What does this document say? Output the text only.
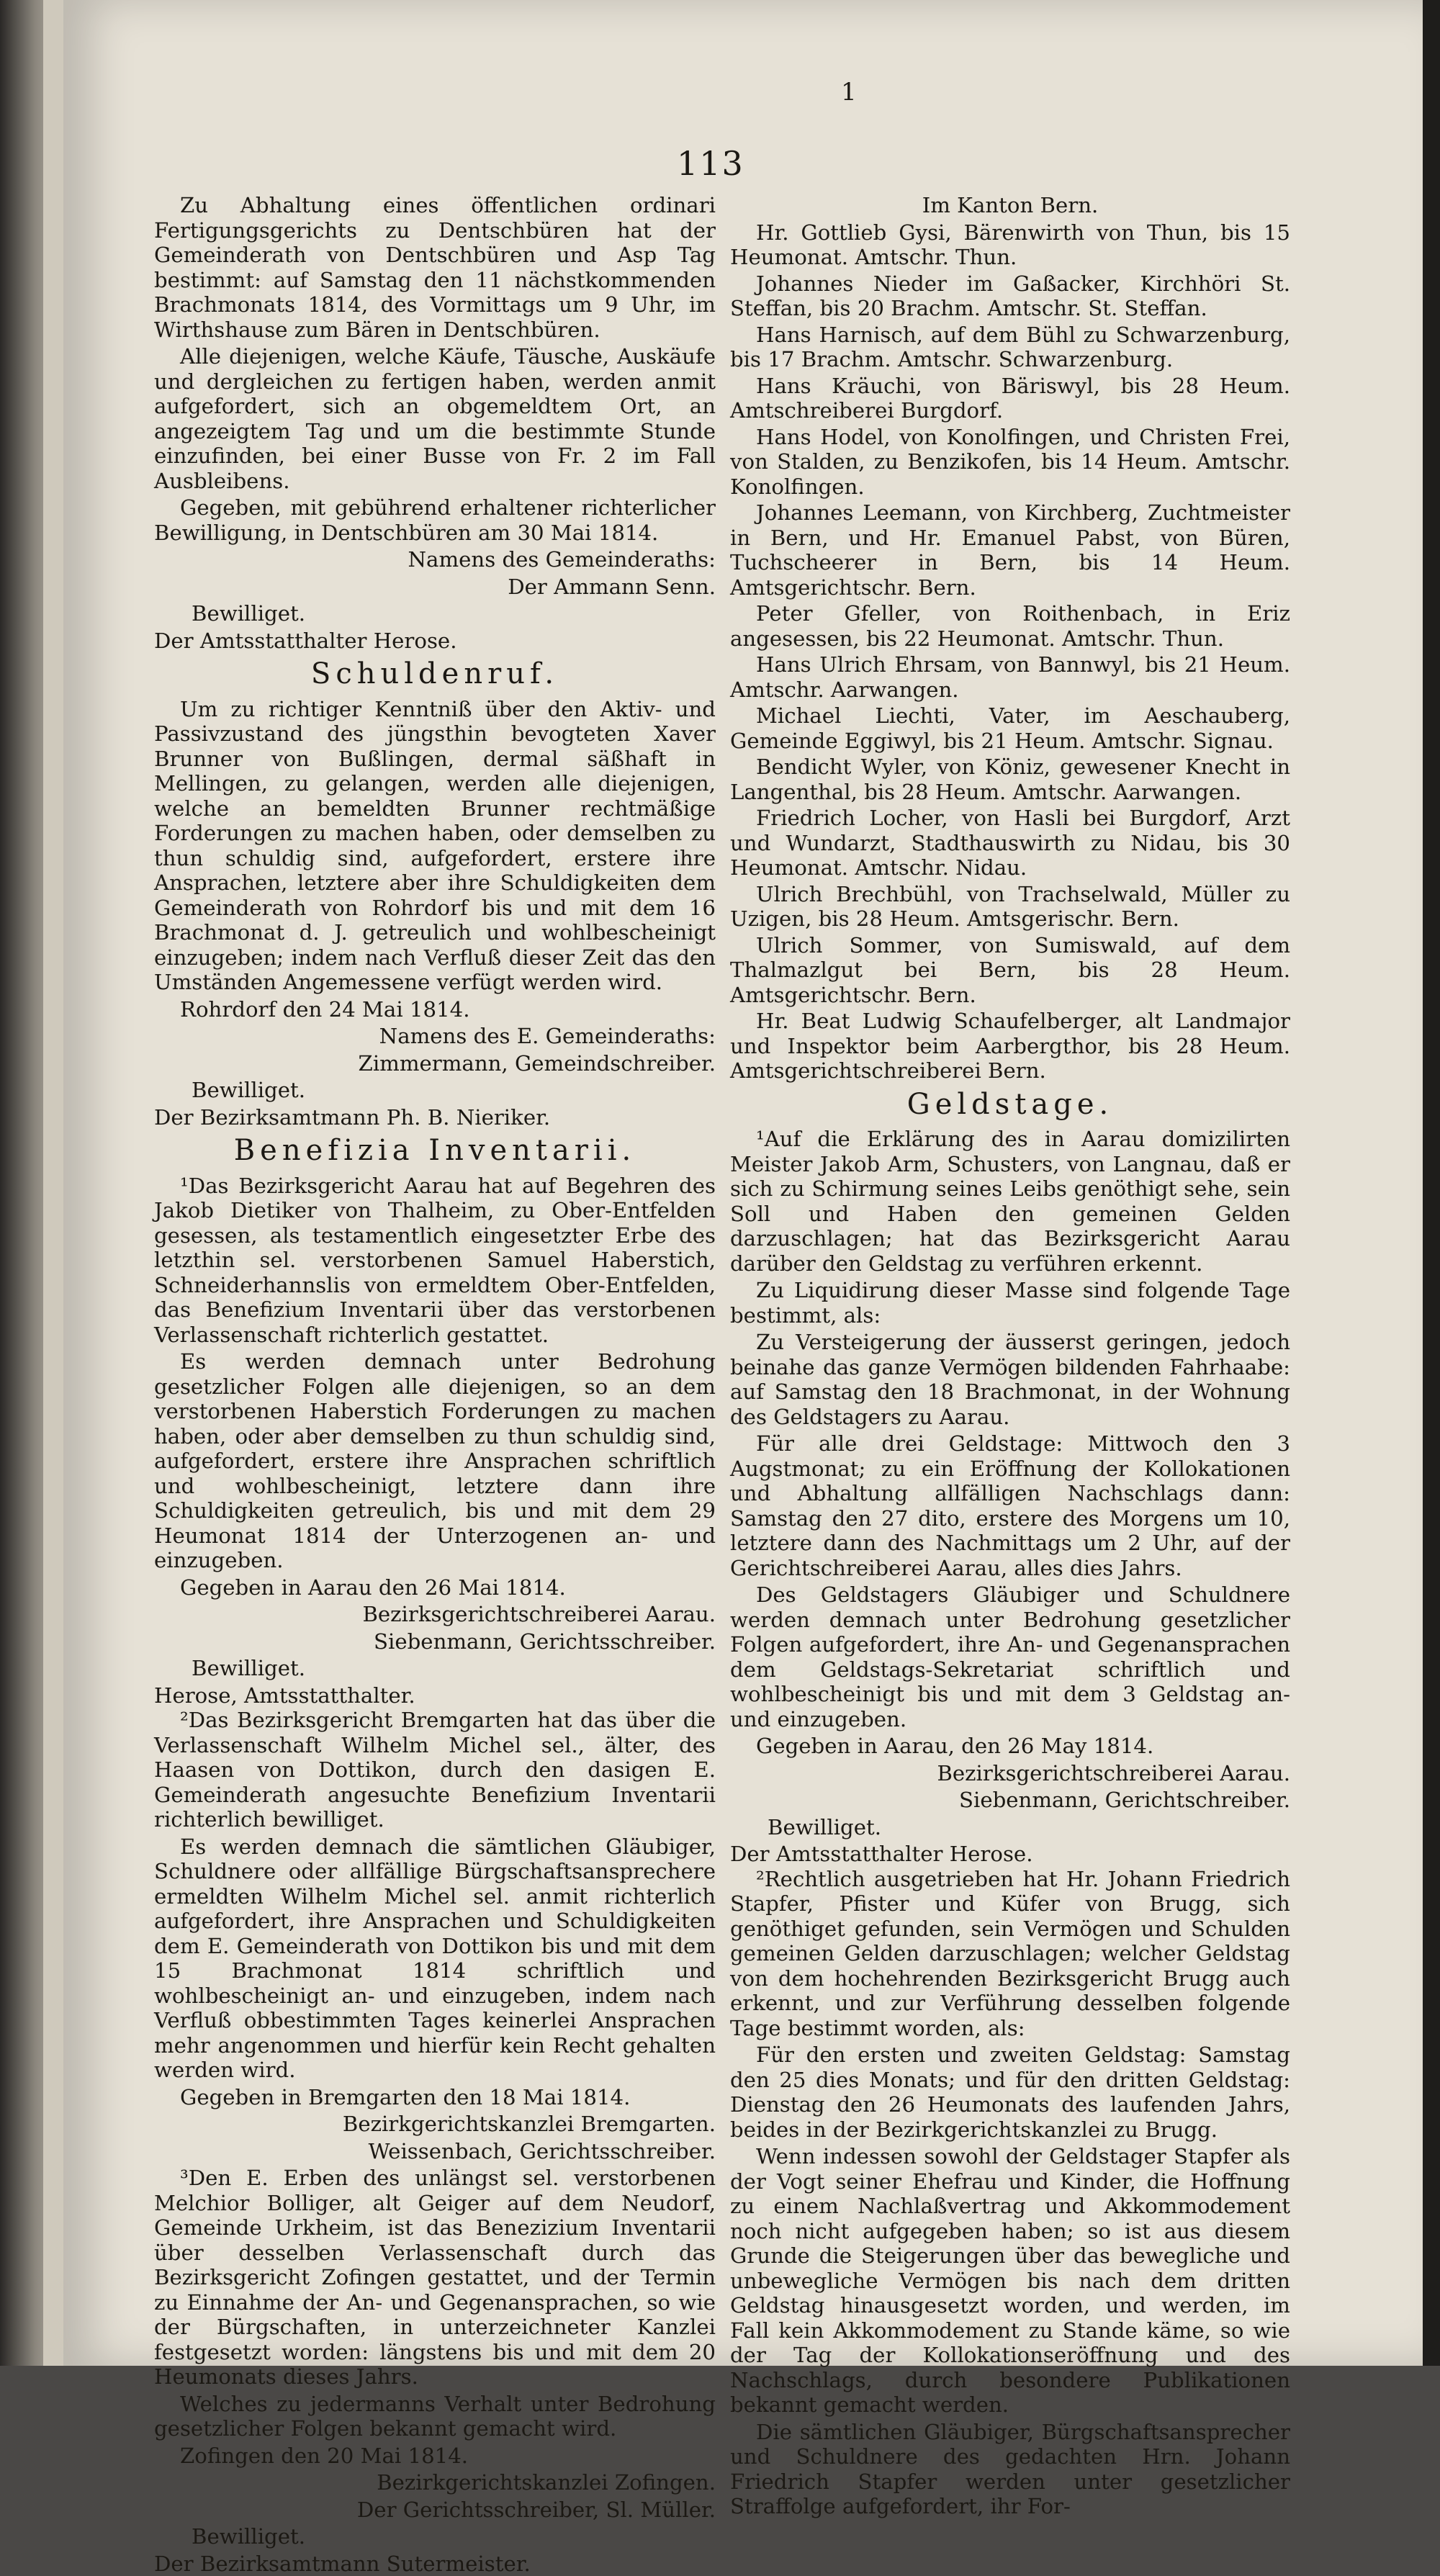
1
113

Zu Abhaltung eines öffentlichen ordinari Fertigungsgerichts zu Dentschbüren hat der Gemeinderath von Dentschbüren und Asp Tag bestimmt: auf Samstag den 11 nächstkommenden Brachmonats 1814, des Vormittags um 9 Uhr, im Wirthshause zum Bären in Dentschbüren.

Alle diejenigen, welche Käufe, Täusche, Auskäufe und dergleichen zu fertigen haben, werden anmit aufgefordert, sich an obgemeldtem Ort, an angezeigtem Tag und um die bestimmte Stunde einzufinden, bei einer Busse von Fr. 2 im Fall Ausbleibens.

Gegeben, mit gebührend erhaltener richterlicher Bewilligung, in Dentschbüren am 30 Mai 1814.

Namens des Gemeinderaths:
Der Ammann Senn.
Bewilliget.
Der Amtsstatthalter Herose.
Schuldenruf.

Um zu richtiger Kenntniß über den Aktiv- und Passivzustand des jüngsthin bevogteten Xaver Brunner von Bußlingen, dermal säßhaft in Mellingen, zu gelangen, werden alle diejenigen, welche an bemeldten Brunner rechtmäßige Forderungen zu machen haben, oder demselben zu thun schuldig sind, aufgefordert, erstere ihre Ansprachen, letztere aber ihre Schuldigkeiten dem Gemeinderath von Rohrdorf bis und mit dem 16 Brachmonat d. J. getreulich und wohlbescheinigt einzugeben; indem nach Verfluß dieser Zeit das den Umständen Angemessene verfügt werden wird.

Rohrdorf den 24 Mai 1814.

Namens des E. Gemeinderaths:
Zimmermann, Gemeindschreiber.
Bewilliget.
Der Bezirksamtmann Ph. B. Nieriker.
Benefizia Inventarii.

¹Das Bezirksgericht Aarau hat auf Begehren des Jakob Dietiker von Thalheim, zu Ober-Entfelden gesessen, als testamentlich eingesetzter Erbe des letzthin sel. verstorbenen Samuel Haberstich, Schneiderhannslis von ermeldtem Ober-Entfelden, das Benefizium Inventarii über das verstorbenen Verlassenschaft richterlich gestattet.

Es werden demnach unter Bedrohung gesetzlicher Folgen alle diejenigen, so an dem verstorbenen Haberstich Forderungen zu machen haben, oder aber demselben zu thun schuldig sind, aufgefordert, erstere ihre Ansprachen schriftlich und wohlbescheinigt, letztere dann ihre Schuldigkeiten getreulich, bis und mit dem 29 Heumonat 1814 der Unterzogenen an- und einzugeben.

Gegeben in Aarau den 26 Mai 1814.

Bezirksgerichtschreiberei Aarau.
Siebenmann, Gerichtsschreiber.
Bewilliget.
Herose, Amtsstatthalter.

²Das Bezirksgericht Bremgarten hat das über die Verlassenschaft Wilhelm Michel sel., älter, des Haasen von Dottikon, durch den dasigen E. Gemeinderath angesuchte Benefizium Inventarii richterlich bewilliget.

Es werden demnach die sämtlichen Gläubiger, Schuldnere oder allfällige Bürgschaftsansprechere ermeldten Wilhelm Michel sel. anmit richterlich aufgefordert, ihre Ansprachen und Schuldigkeiten dem E. Gemeinderath von Dottikon bis und mit dem 15 Brachmonat 1814 schriftlich und wohlbescheinigt an- und einzugeben, indem nach Verfluß obbestimmten Tages keinerlei Ansprachen mehr angenommen und hierfür kein Recht gehalten werden wird.

Gegeben in Bremgarten den 18 Mai 1814.

Bezirkgerichtskanzlei Bremgarten.
Weissenbach, Gerichtsschreiber.

³Den E. Erben des unlängst sel. verstorbenen Melchior Bolliger, alt Geiger auf dem Neudorf, Gemeinde Urkheim, ist das Benezizium Inventarii über desselben Verlassenschaft durch das Bezirksgericht Zofingen gestattet, und der Termin zu Einnahme der An- und Gegenansprachen, so wie der Bürgschaften, in unterzeichneter Kanzlei festgesetzt worden: längstens bis und mit dem 20 Heumonats dieses Jahrs.

Welches zu jedermanns Verhalt unter Bedrohung gesetzlicher Folgen bekannt gemacht wird.

Zofingen den 20 Mai 1814.

Bezirkgerichtskanzlei Zofingen.
Der Gerichtsschreiber, Sl. Müller.
Bewilliget.
Der Bezirksamtmann Sutermeister.
Im Kanton Bern.

Hr. Gottlieb Gysi, Bärenwirth von Thun, bis 15 Heumonat. Amtschr. Thun.

Johannes Nieder im Gaßacker, Kirchhöri St. Steffan, bis 20 Brachm. Amtschr. St. Steffan.

Hans Harnisch, auf dem Bühl zu Schwarzenburg, bis 17 Brachm. Amtschr. Schwarzenburg.

Hans Kräuchi, von Bäriswyl, bis 28 Heum. Amtschreiberei Burgdorf.

Hans Hodel, von Konolfingen, und Christen Frei, von Stalden, zu Benzikofen, bis 14 Heum. Amtschr. Konolfingen.

Johannes Leemann, von Kirchberg, Zuchtmeister in Bern, und Hr. Emanuel Pabst, von Büren, Tuchscheerer in Bern, bis 14 Heum. Amtsgerichtschr. Bern.

Peter Gfeller, von Roithenbach, in Eriz angesessen, bis 22 Heumonat. Amtschr. Thun.

Hans Ulrich Ehrsam, von Bannwyl, bis 21 Heum. Amtschr. Aarwangen.

Michael Liechti, Vater, im Aeschauberg, Gemeinde Eggiwyl, bis 21 Heum. Amtschr. Signau.

Bendicht Wyler, von Köniz, gewesener Knecht in Langenthal, bis 28 Heum. Amtschr. Aarwangen.

Friedrich Locher, von Hasli bei Burgdorf, Arzt und Wundarzt, Stadthauswirth zu Nidau, bis 30 Heumonat. Amtschr. Nidau.

Ulrich Brechbühl, von Trachselwald, Müller zu Uzigen, bis 28 Heum. Amtsgerischr. Bern.

Ulrich Sommer, von Sumiswald, auf dem Thalmazlgut bei Bern, bis 28 Heum. Amtsgerichtschr. Bern.

Hr. Beat Ludwig Schaufelberger, alt Landmajor und Inspektor beim Aarbergthor, bis 28 Heum. Amtsgerichtschreiberei Bern.

Geldstage.

¹Auf die Erklärung des in Aarau domizilirten Meister Jakob Arm, Schusters, von Langnau, daß er sich zu Schirmung seines Leibs genöthigt sehe, sein Soll und Haben den gemeinen Gelden darzuschlagen; hat das Bezirksgericht Aarau darüber den Geldstag zu verführen erkennt.

Zu Liquidirung dieser Masse sind folgende Tage bestimmt, als:

Zu Versteigerung der äusserst geringen, jedoch beinahe das ganze Vermögen bildenden Fahrhaabe: auf Samstag den 18 Brachmonat, in der Wohnung des Geldstagers zu Aarau.

Für alle drei Geldstage: Mittwoch den 3 Augstmonat; zu ein Eröffnung der Kollokationen und Abhaltung allfälligen Nachschlags dann: Samstag den 27 dito, erstere des Morgens um 10, letztere dann des Nachmittags um 2 Uhr, auf der Gerichtschreiberei Aarau, alles dies Jahrs.

Des Geldstagers Gläubiger und Schuldnere werden demnach unter Bedrohung gesetzlicher Folgen aufgefordert, ihre An- und Gegenansprachen dem Geldstags-Sekretariat schriftlich und wohlbescheinigt bis und mit dem 3 Geldstag an- und einzugeben.

Gegeben in Aarau, den 26 May 1814.

Bezirksgerichtschreiberei Aarau.
Siebenmann, Gerichtschreiber.
Bewilliget.
Der Amtsstatthalter Herose.

²Rechtlich ausgetrieben hat Hr. Johann Friedrich Stapfer, Pfister und Küfer von Brugg, sich genöthiget gefunden, sein Vermögen und Schulden gemeinen Gelden darzuschlagen; welcher Geldstag von dem hochehrenden Bezirksgericht Brugg auch erkennt, und zur Verführung desselben folgende Tage bestimmt worden, als:

Für den ersten und zweiten Geldstag: Samstag den 25 dies Monats; und für den dritten Geldstag: Dienstag den 26 Heumonats des laufenden Jahrs, beides in der Bezirkgerichtskanzlei zu Brugg.

Wenn indessen sowohl der Geldstager Stapfer als der Vogt seiner Ehefrau und Kinder, die Hoffnung zu einem Nachlaßvertrag und Akkommodement noch nicht aufgegeben haben; so ist aus diesem Grunde die Steigerungen über das bewegliche und unbewegliche Vermögen bis nach dem dritten Geldstag hinausgesetzt worden, und werden, im Fall kein Akkommodement zu Stande käme, so wie der Tag der Kollokationseröffnung und des Nachschlags, durch besondere Publikationen bekannt gemacht werden.

Die sämtlichen Gläubiger, Bürgschaftsansprecher und Schuldnere des gedachten Hrn. Johann Friedrich Stapfer werden unter gesetzlicher Straffolge aufgefordert, ihr For-
